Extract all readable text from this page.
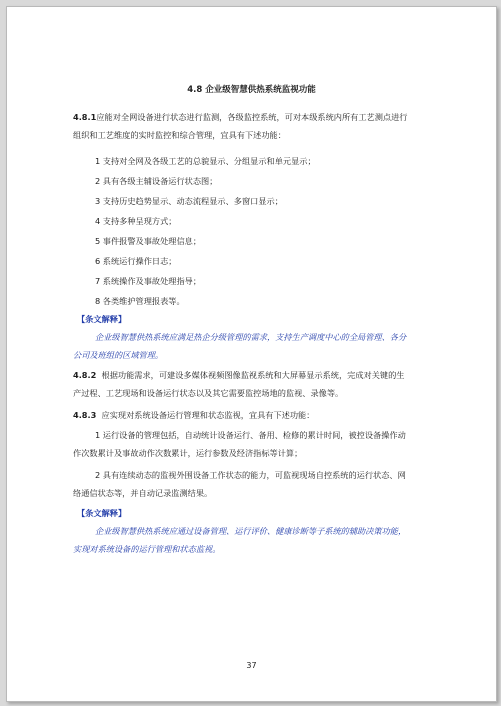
4.8 企业级智慧供热系统监视功能
4.8.1应能对全网设备进行状态进行监测，各级监控系统，可对本级系统内所有工艺测点进行
组织和工艺维度的实时监控和综合管理，宜具有下述功能：
1 支持对全网及各级工艺的总貌显示、分组显示和单元显示；
2 具有各级主辅设备运行状态图；
3 支持历史趋势显示、动态流程显示、多窗口显示；
4 支持多种呈现方式；
5 事件报警及事故处理信息；
6 系统运行操作日志；
7 系统操作及事故处理指导；
8 各类维护管理报表等。
【条文解释】
企业级智慧供热系统应满足热企分级管理的需求，支持生产调度中心的全局管理、各分
公司及班组的区域管理。
4.8.2 根据功能需求，可建设多媒体视频图像监视系统和大屏幕显示系统，完成对关键的生
产过程、工艺现场和设备运行状态以及其它需要监控场地的监视、录像等。
4.8.3 应实现对系统设备运行管理和状态监视，宜具有下述功能：
1 运行设备的管理包括，自动统计设备运行、备用、检修的累计时间，被控设备操作动
作次数累计及事故动作次数累计，运行参数及经济指标等计算；
2 具有连续动态的监视外围设备工作状态的能力，可监视现场自控系统的运行状态、网
络通信状态等，并自动记录监测结果。
【条文解释】
企业级智慧供热系统应通过设备管理、运行评价、健康诊断等子系统的辅助决策功能，
实现对系统设备的运行管理和状态监视。
37
